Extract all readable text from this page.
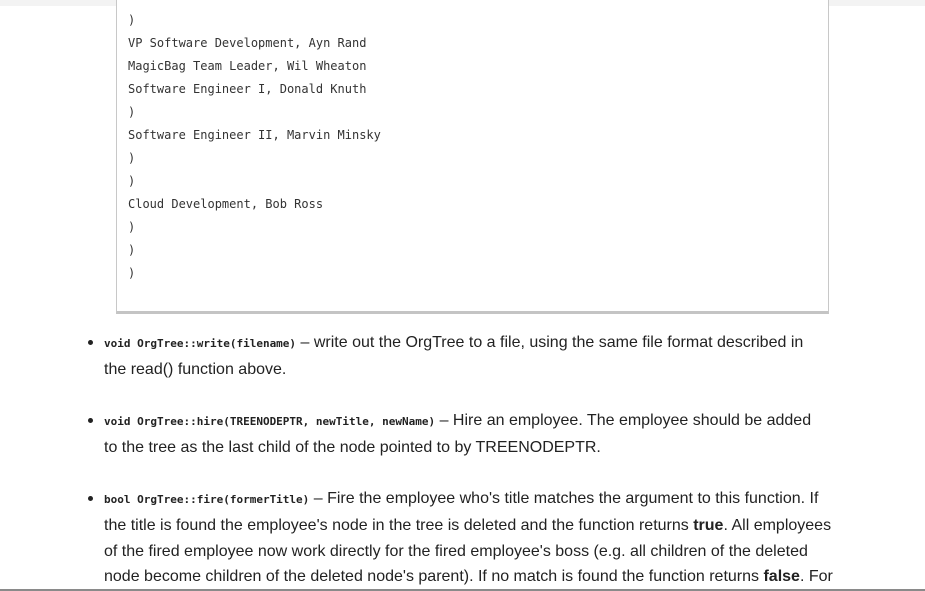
)
VP Software Development, Ayn Rand
MagicBag Team Leader, Wil Wheaton
Software Engineer I, Donald Knuth
)
Software Engineer II, Marvin Minsky
)
)
Cloud Development, Bob Ross
)
)
)
void OrgTree::write(filename) – write out the OrgTree to a file, using the same file format described in
the read() function above.
void OrgTree::hire(TREENODEPTR, newTitle, newName) – Hire an employee. The employee should be added
to the tree as the last child of the node pointed to by TREENODEPTR.
bool OrgTree::fire(formerTitle) – Fire the employee who's title matches the argument to this function. If
the title is found the employee's node in the tree is deleted and the function returns true. All employees
of the fired employee now work directly for the fired employee's boss (e.g. all children of the deleted
node become children of the deleted node's parent). If no match is found the function returns false. For
